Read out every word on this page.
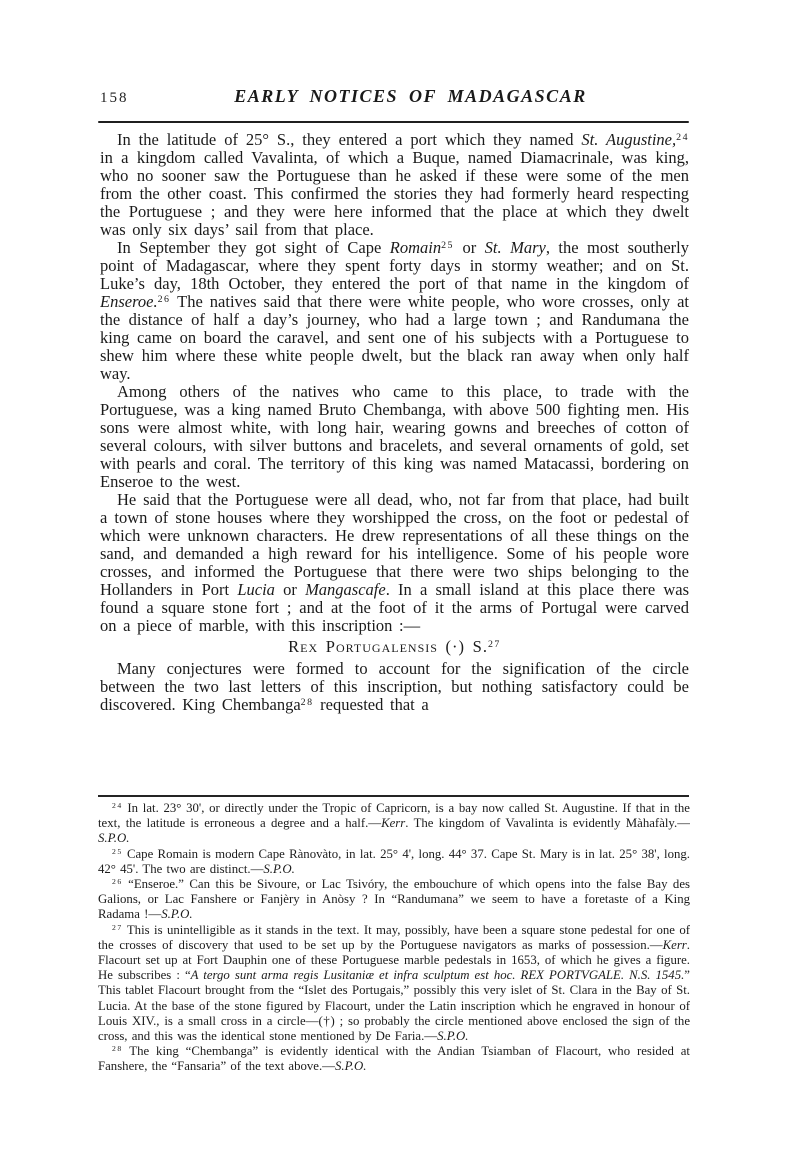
158	EARLY NOTICES OF MADAGASCAR

In the latitude of 25° S., they entered a port which they named St. Augustine,$^{24}$ in a kingdom called Vavalinta, of which a Buque, named Diamacrinale, was king, who no sooner saw the Portuguese than he asked if these were some of the men from the other coast. This confirmed the stories they had formerly heard respecting the Portuguese ; and they were here informed that the place at which they dwelt was only six days’ sail from that place.

In September they got sight of Cape Romain$^{25}$ or St. Mary, the most southerly point of Madagascar, where they spent forty days in stormy weather; and on St. Luke’s day, 18th October, they entered the port of that name in the kingdom of Enseroe.$^{26}$ The natives said that there were white people, who wore crosses, only at the distance of half a day’s journey, who had a large town ; and Randumana the king came on board the caravel, and sent one of his subjects with a Portuguese to shew him where these white people dwelt, but the black ran away when only half way.

Among others of the natives who came to this place, to trade with the Portuguese, was a king named Bruto Chembanga, with above 500 fighting men. His sons were almost white, with long hair, wearing gowns and breeches of cotton of several colours, with silver buttons and bracelets, and several ornaments of gold, set with pearls and coral. The territory of this king was named Matacassi, bordering on Enseroe to the west.

He said that the Portuguese were all dead, who, not far from that place, had built a town of stone houses where they worshipped the cross, on the foot or pedestal of which were unknown characters. He drew representations of all these things on the sand, and demanded a high reward for his intelligence. Some of his people wore crosses, and informed the Portuguese that there were two ships belonging to the Hollanders in Port Lucia or Mangascafe. In a small island at this place there was found a square stone fort ; and at the foot of it the arms of Portugal were carved on a piece of marble, with this inscription :—

Rex Portugalensis (·) S.$^{27}$

Many conjectures were formed to account for the signification of the circle between the two last letters of this inscription, but nothing satisfactory could be discovered. King Chembanga$^{28}$ requested that a

$^{24}$ In lat. 23° 30', or directly under the Tropic of Capricorn, is a bay now called St. Augustine. If that in the text, the latitude is erroneous a degree and a half.—Kerr. The kingdom of Vavalinta is evidently Màhafàly.—S.P.O.

$^{25}$ Cape Romain is modern Cape Rànovàto, in lat. 25° 4', long. 44° 37. Cape St. Mary is in lat. 25° 38', long. 42° 45'. The two are distinct.—S.P.O.

$^{26}$ “Enseroe.” Can this be Sivoure, or Lac Tsivóry, the embouchure of which opens into the false Bay des Galions, or Lac Fanshere or Fanjèry in Anòsy ? In “Randumana” we seem to have a foretaste of a King Radama !—S.P.O.

$^{27}$ This is unintelligible as it stands in the text. It may, possibly, have been a square stone pedestal for one of the crosses of discovery that used to be set up by the Portuguese navigators as marks of possession.—Kerr. Flacourt set up at Fort Dauphin one of these Portuguese marble pedestals in 1653, of which he gives a figure. He subscribes : “A tergo sunt arma regis Lusitaniæ et infra sculptum est hoc. REX PORTVGALE. N.S. 1545.” This tablet Flacourt brought from the “Islet des Portugais,” possibly this very islet of St. Clara in the Bay of St. Lucia. At the base of the stone figured by Flacourt, under the Latin inscription which he engraved in honour of Louis XIV., is a small cross in a circle—(†) ; so probably the circle mentioned above enclosed the sign of the cross, and this was the identical stone mentioned by De Faria.—S.P.O.

$^{28}$ The king “Chembanga” is evidently identical with the Andian Tsiamban of Flacourt, who resided at Fanshere, the “Fansaria” of the text above.—S.P.O.
